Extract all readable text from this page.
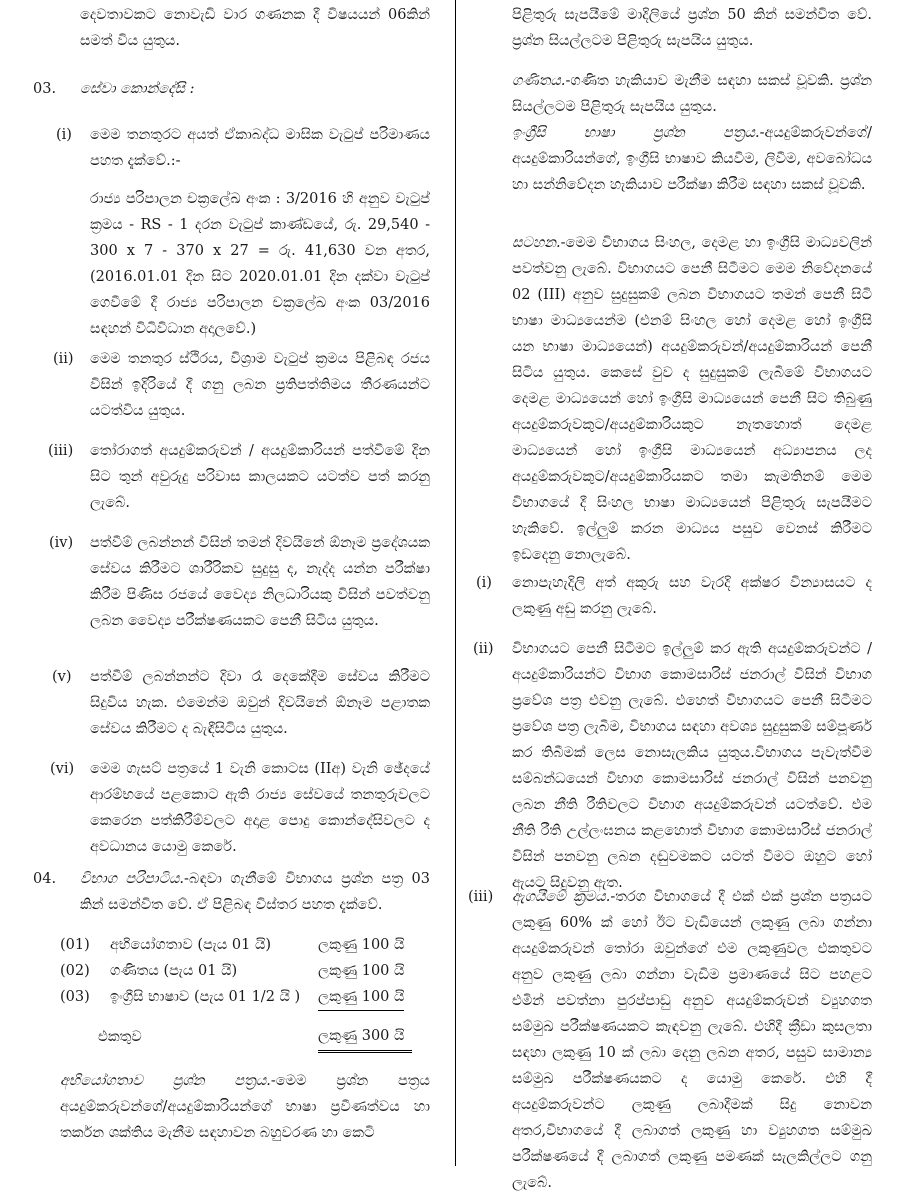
දෙවතාවකට නොවැඩි වාර ගණනක දී විෂයයන් 06කින් සමත් විය යුතුය.
03. සේවා කොන්දේසි :
(i) මෙම තනතුරට අයත් ඒකාබද්ධ මාසික වැටුප් පරිමාණය පහත දැක්වේ.:-
රාජ්‍ය පරිපාලන චක්‍රලේඛ අංක : 3/2016 හි අනුව වැටුප් ක්‍රමය - RS - 1 දරන වැටුප් කාණ්ඩයේ, රු. 29,540 - 300 x 7 - 370 x 27 = රු. 41,630 වන අතර, (2016.01.01 දින සිට 2020.01.01 දින දක්වා වැටුප් ගෙවීමේ දී රාජ්‍ය පරිපාලන චක්‍රලේඛ අංක 03/2016 සඳහන් විධිවිධාන අදාලවේ.)
(ii) මෙම තනතුර ස්ථිරය, විශ්‍රාම වැටුප් ක්‍රමය පිළිබඳ රජය විසින් ඉදිරියේ දී ගනු ලබන ප්‍රතිපත්තිමය තීරණයන්ට යටත්විය යුතුය.
(iii) තෝරාගත් අයදුම්කරුවන් / අයදුම්කාරියන් පත්වීමේ දින සිට තුන් අවුරුදු පරිවාස කාලයකට යටත්ව පත් කරනු ලැබේ.
(iv) පත්වීම් ලබන්නන් විසින් තමන් දිවයිනේ ඕනෑම ප්‍රදේශයක සේවය කිරීමට ශාරීරිකව සුදුසු ද, නැද්ද යන්න පරීක්ෂා කිරීම පිණිස රජයේ වෛද්‍ය නිලධාරියකු විසින් පවත්වනු ලබන වෛද්‍ය පරීක්ෂණයකට පෙනී සිටිය යුතුය.
(v) පත්වීම් ලබන්නන්ට දිවා රෑ දෙකේදීම සේවය කිරීමට සිදුවිය හැක. එමෙන්ම ඔවුන් දිවයිනේ ඕනෑම පළාතක සේවය කිරීමට ද බැඳීසිටිය යුතුය.
(vi) මෙම ගැසට් පත්‍රයේ 1 වැනි කොටස (IIඅ) වැනි ඡේදයේ ආරම්භයේ පළකොට ඇති රාජ්‍ය සේවයේ තනතුරුවලට කෙරෙන පත්කිරීම්වලට අදාළ පොදු කොන්දේසිවලට ද අවධානය යොමු කෙරේ.
04. විභාග පරිපාටිය.-බඳවා ගැනීමේ විභාගය ප්‍රශ්න පත්‍ර 03 කින් සමන්විත වේ. ඒ පිළිබඳ විස්තර පහත දැක්වේ.
(01)	අභියෝගතාව (පැය 01 යි)	ලකුණු 100 යි
(02)	ගණිතය (පැය 01 යි)	ලකුණු 100 යි
(03)	ඉංග්‍රීසි භාෂාව (පැය 01 1/2 යි )	ලකුණු 100 යි
එකතුව	ලකුණු 300 යි
අභියෝගතාව ප්‍රශ්න පත්‍රය.-මෙම ප්‍රශ්න පත්‍රය අයදුම්කරුවන්ගේ/අයදුම්කාරියන්ගේ භාෂා ප්‍රවීණත්වය හා තර්කන ශක්තිය මැනීම සඳහාවන බහුවරණ හා කෙටි
පිළිතුරු සැපයීමේ මාදිලියේ ප්‍රශ්න 50 කින් සමන්විත වේ. ප්‍රශ්න සියල්ලටම පිළිතුරු සැපයිය යුතුය.
ගණිතය.-ගණිත හැකියාව මැනීම සඳහා සකස් වූවකි. ප්‍රශ්න සියල්ලටම පිළිතුරු සැපයිය යුතුය.
ඉංග්‍රීසි භාෂා ප්‍රශ්න පත්‍රය.-අයදුම්කරුවන්ගේ/ අයදුම්කාරියන්ගේ, ඉංග්‍රීසි භාෂාව කියවීම, ලිවීම, අවබෝධය හා සන්නිවේදන හැකියාව පරීක්ෂා කිරීම සඳහා සකස් වූවකි.
සටහන.-මෙම විභාගය සිංහල, දෙමළ හා ඉංග්‍රීසි මාධ්‍යවලින් පවත්වනු ලැබේ. විභාගයට පෙනී සිටීමට මෙම නිවේදනයේ 02 (III) අනුව සුදුසුකම් ලබන විභාගයට තමන් පෙනී සිටි භාෂා මාධ්‍යයෙන්ම (එනම් සිංහල හෝ දෙමළ හෝ ඉංග්‍රීසි යන භාෂා මාධ්‍යයෙන්) අයදුම්කරුවන්/අයදුම්කාරියන් පෙනී සිටිය යුතුය. කෙසේ වුව ද සුදුසුකම් ලැබීමේ විභාගයට දෙමළ මාධ්‍යයෙන් හෝ ඉංග්‍රීසි මාධ්‍යයෙන් පෙනී සිට තිබුණු අයදුම්කරුවකුට/අයදුම්කාරියකුට නැතහොත් දෙමළ මාධ්‍යයෙන් හෝ ඉංග්‍රීසි මාධ්‍යයෙන් අධ්‍යාපනය ලද අයදුම්කරුවකුට/අයදුම්කාරියකට තමා කැමතිනම් මෙම විභාගයේ දී සිංහල භාෂා මාධ්‍යයෙන් පිළිතුරු සැපයීමට හැකිවේ. ඉල්ලුම් කරන මාධ්‍යය පසුව වෙනස් කිරීමට ඉඩදෙනු නොලැබේ.
(i) නොපැහැදිලි අත් අකුරු සහ වැරදි අක්ෂර වින්‍යාසයට ද ලකුණු අඩු කරනු ලැබේ.
(ii) විභාගයට පෙනී සිටීමට ඉල්ලුම් කර ඇති අයදුම්කරුවන්ට /අයදුම්කාරියන්ට විභාග කොමසාරිස් ජනරාල් විසින් විභාග ප්‍රවේශ පත්‍ර එවනු ලැබේ. එහෙත් විභාගයට පෙනී සිටීමට ප්‍රවේශ පත්‍ර ලැබීම, විභාගය සඳහා අවශ්‍ය සුදුසුකම් සම්පූර්ණ කර තිබීමක් ලෙස නොසැලකිය යුතුය.විභාගය පැවැත්වීම සම්බන්ධයෙන් විභාග කොමසාරිස් ජනරාල් විසින් පනවනු ලබන නීති රීතිවලට විභාග අයදුම්කරුවන් යටත්වේ. එම නීති රීති උල්ලංඝනය කළහොත් විභාග කොමසාරිස් ජනරාල් විසින් පනවනු ලබන දඬුවමකට යටත් වීමට ඔහුට හෝ ඇයට සිදුවනු ඇත.
(iii) ඇගයීමේ ක්‍රමය.-තරග විභාගයේ දී එක් එක් ප්‍රශ්න පත්‍රයට ලකුණු 60% ක් හෝ ඊට වැඩියෙන් ලකුණු ලබා ගන්නා අයදුම්කරුවන් තෝරා ඔවුන්ගේ එම ලකුණුවල එකතුවට අනුව ලකුණු ලබා ගන්නා වැඩිම ප්‍රමාණයේ සිට පහළට එමින් පවත්නා පුරප්පාඩු අනුව අයදුම්කරුවන් ව්‍යුහගත සම්මුඛ පරීක්ෂණයකට කැඳවනු ලැබේ. එහිදී ක්‍රීඩා කුසලතා සඳහා ලකුණු 10 ක් ලබා දෙනු ලබන අතර, පසුව සාමාන්‍ය සම්මුඛ පරීක්ෂණයකට ද යොමු කෙරේ. එහි දී අයදුම්කරුවන්ට ලකුණු ලබාදීමක් සිදු නොවන අතර,විභාගයේ දී ලබාගත් ලකුණු හා ව්‍යුහගත සම්මුඛ පරීක්ෂණයේ දී ලබාගත් ලකුණු පමණක් සැලකිල්ලට ගනු ලැබේ.
